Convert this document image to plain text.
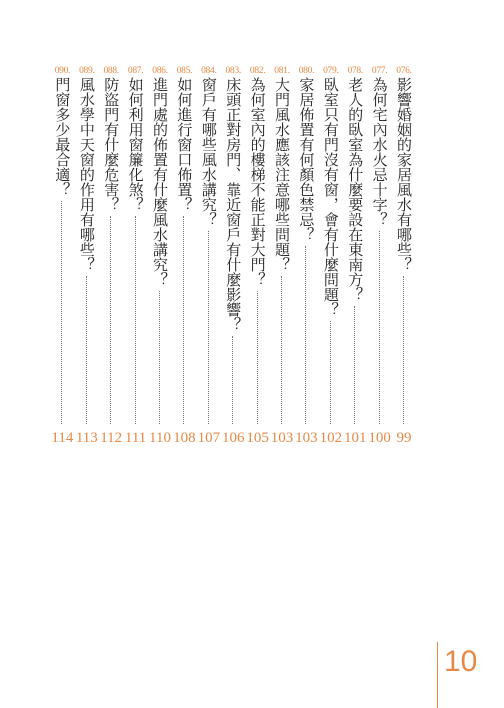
076.
影響婚姻的家居風水有哪些？
99
077.
為何宅內水火忌十字？
100
078.
老人的臥室為什麼要設在東南方？
101
079.
臥室只有門沒有窗，會有什麼問題？
102
080.
家居佈置有何顏色禁忌？
103
081.
大門風水應該注意哪些問題？
103
082.
為何室內的樓梯不能正對大門？
105
083.
床頭正對房門、靠近窗戶有什麼影響？
106
084.
窗戶有哪些風水講究？
107
085.
如何進行窗口佈置？
108
086.
進門處的佈置有什麼風水講究？
110
087.
如何利用窗簾化煞？
111
088.
防盜門有什麼危害？
112
089.
風水學中天窗的作用有哪些？
113
090.
門窗多少最合適？
114
10
